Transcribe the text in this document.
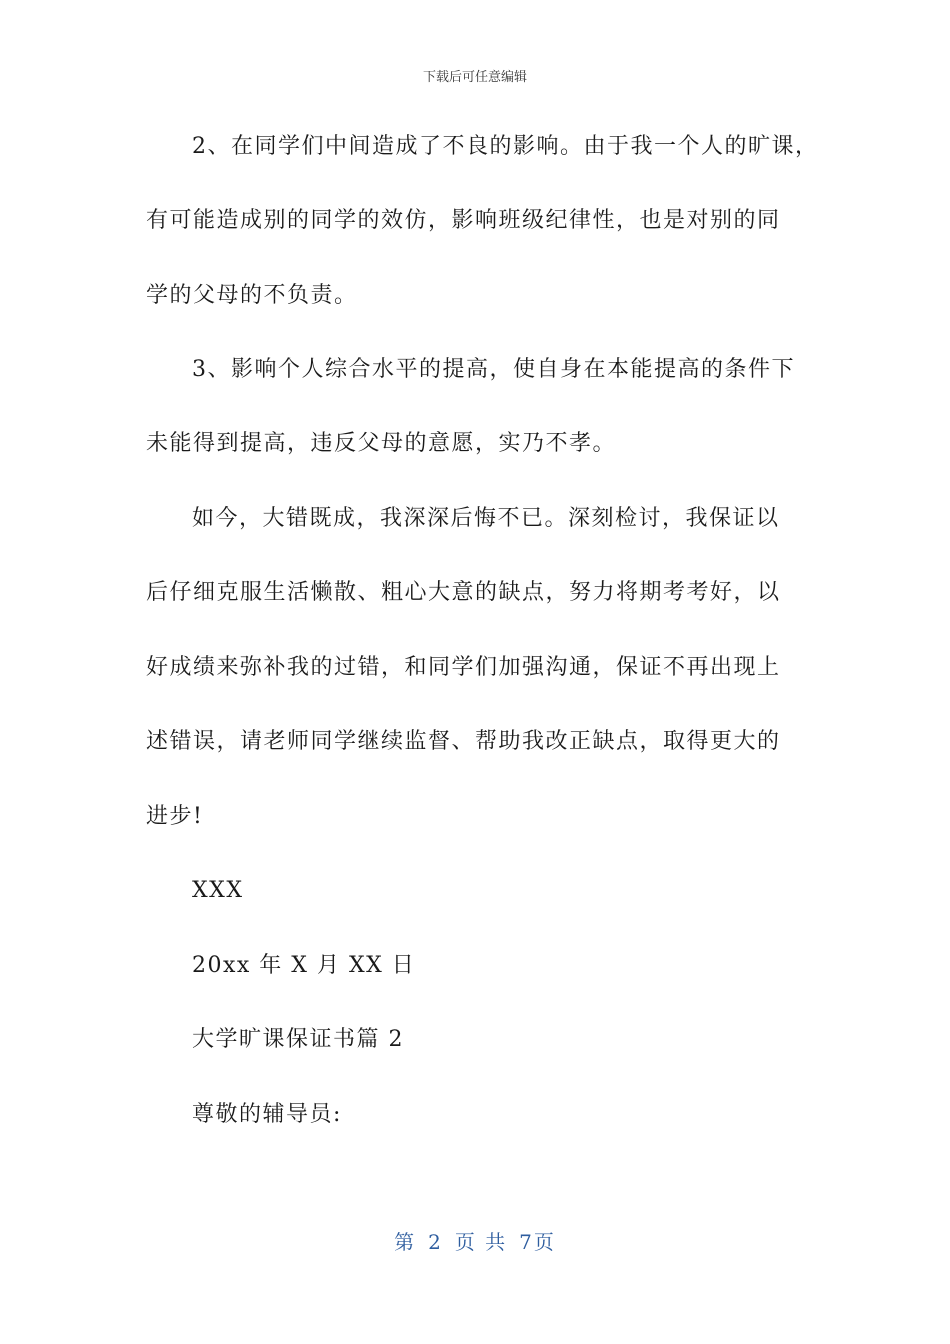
下载后可任意编辑
2、在同学们中间造成了不良的影响。由于我一个人的旷课，
有可能造成别的同学的效仿，影响班级纪律性，也是对别的同
学的父母的不负责。
3、影响个人综合水平的提高，使自身在本能提高的条件下
未能得到提高，违反父母的意愿，实乃不孝。
如今，大错既成，我深深后悔不已。深刻检讨，我保证以
后仔细克服生活懒散、粗心大意的缺点，努力将期考考好，以
好成绩来弥补我的过错，和同学们加强沟通，保证不再出现上
述错误，请老师同学继续监督、帮助我改正缺点，取得更大的
进步!
XXX
20xx 年 X 月 XX 日
大学旷课保证书篇 2
尊敬的辅导员:
第 2 页 共 7页
